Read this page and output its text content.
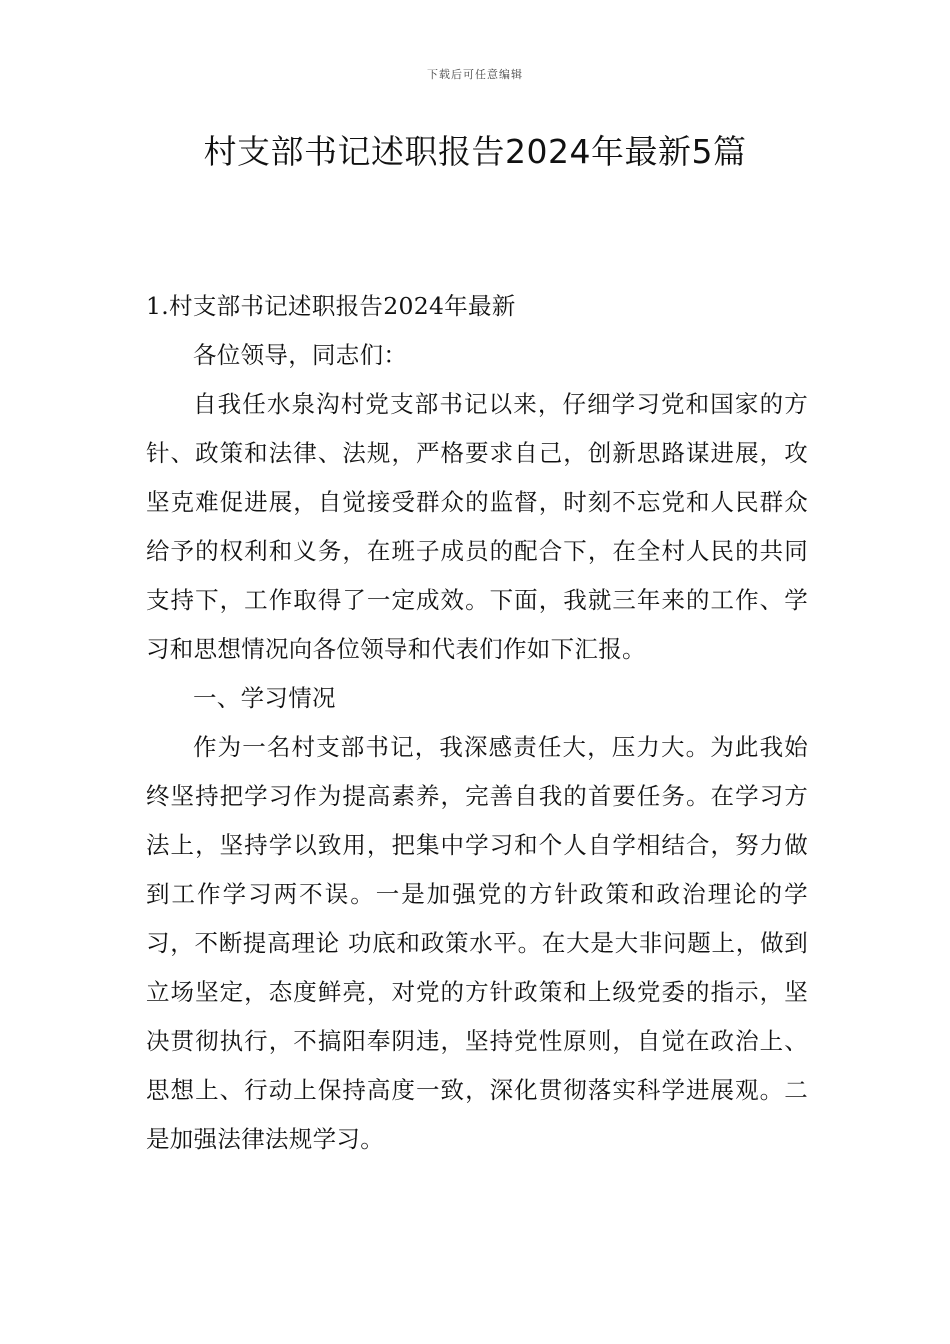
下载后可任意编辑
村支部书记述职报告2024年最新5篇

1.村支部书记述职报告2024年最新

各位领导，同志们：

自我任水泉沟村党支部书记以来，仔细学习党和国家的方针、政策和法律、法规，严格要求自己，创新思路谋进展，攻坚克难促进展，自觉接受群众的监督，时刻不忘党和人民群众给予的权利和义务，在班子成员的配合下，在全村人民的共同支持下，工作取得了一定成效。下面，我就三年来的工作、学习和思想情况向各位领导和代表们作如下汇报。

一、学习情况

作为一名村支部书记，我深感责任大，压力大。为此我始终坚持把学习作为提高素养，完善自我的首要任务。在学习方法上，坚持学以致用，把集中学习和个人自学相结合，努力做到工作学习两不误。一是加强党的方针政策和政治理论的学习，不断提高理论 功底和政策水平。在大是大非问题上，做到立场坚定，态度鲜亮，对党的方针政策和上级党委的指示，坚决贯彻执行，不搞阳奉阴违，坚持党性原则，自觉在政治上、思想上、行动上保持高度一致，深化贯彻落实科学进展观。二是加强法律法规学习。
